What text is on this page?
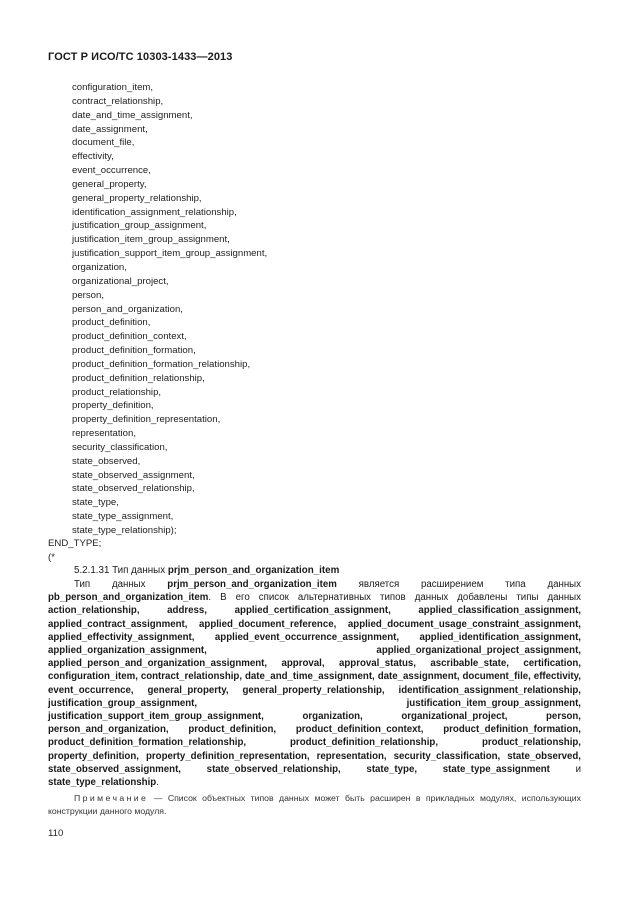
ГОСТ Р ИСО/ТС 10303-1433—2013
configuration_item,
contract_relationship,
date_and_time_assignment,
date_assignment,
document_file,
effectivity,
event_occurrence,
general_property,
general_property_relationship,
identification_assignment_relationship,
justification_group_assignment,
justification_item_group_assignment,
justification_support_item_group_assignment,
organization,
organizational_project,
person,
person_and_organization,
product_definition,
product_definition_context,
product_definition_formation,
product_definition_formation_relationship,
product_definition_relationship,
product_relationship,
property_definition,
property_definition_representation,
representation,
security_classification,
state_observed,
state_observed_assignment,
state_observed_relationship,
state_type,
state_type_assignment,
state_type_relationship);
END_TYPE;
(*
5.2.1.31 Тип данных prjm_person_and_organization_item

Тип данных prjm_person_and_organization_item является расширением типа данных pb_person_and_organization_item. В его список альтернативных типов данных добавлены типы данных action_relationship, address, applied_certification_assignment, applied_classification_assignment, applied_contract_assignment, applied_document_reference, applied_document_usage_constraint_assignment, applied_effectivity_assignment, applied_event_occurrence_assignment, applied_identification_assignment, applied_organization_assignment, applied_organizational_project_assignment, applied_person_and_organization_assignment, approval, approval_status, ascribable_state, certification, configuration_item, contract_relationship, date_and_time_assignment, date_assignment, document_file, effectivity, event_occurrence, general_property, general_property_relationship, identification_assignment_relationship, justification_group_assignment, justification_item_group_assignment, justification_support_item_group_assignment, organization, organizational_project, person, person_and_organization, product_definition, product_definition_context, product_definition_formation, product_definition_formation_relationship, product_definition_relationship, product_relationship, property_definition, property_definition_representation, representation, security_classification, state_observed, state_observed_assignment, state_observed_relationship, state_type, state_type_assignment и state_type_relationship.

Примечание — Список объектных типов данных может быть расширен в прикладных модулях, использующих конструкции данного модуля.

110
